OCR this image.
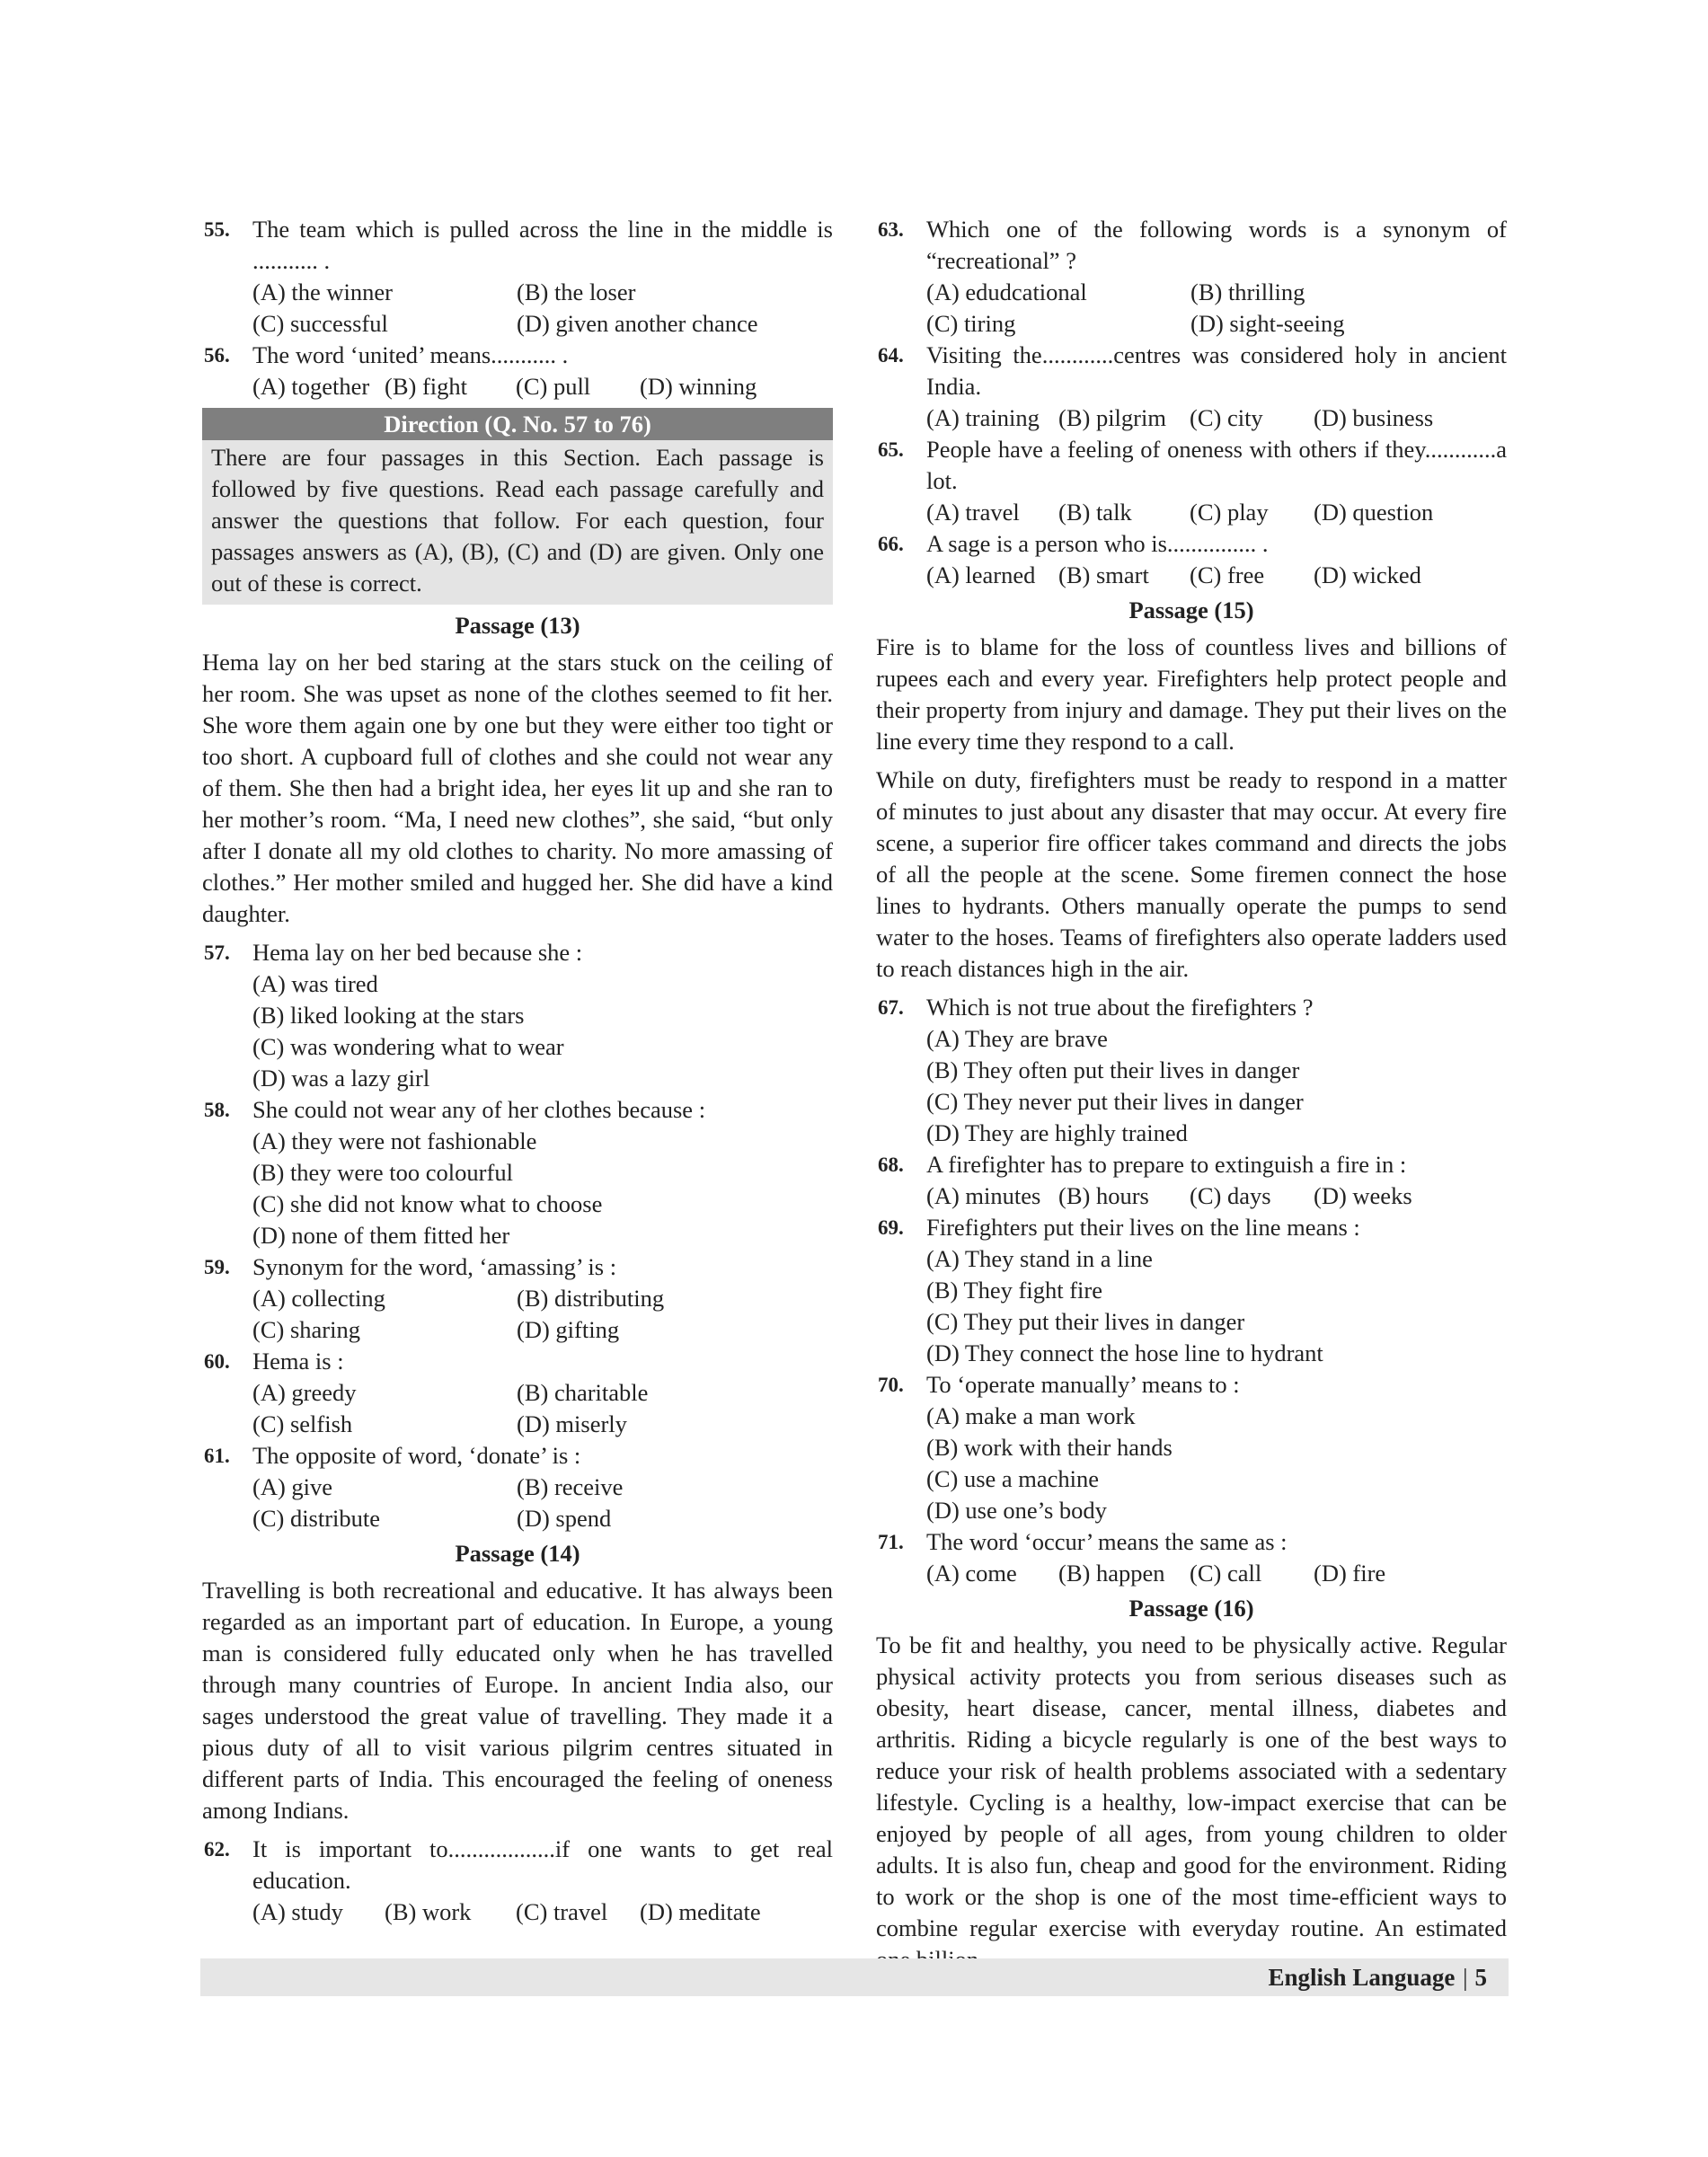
55. The team which is pulled across the line in the middle is ........... .
(A) the winner	(B) the loser
(C) successful	(D) given another chance
56. The word ‘united’ means........... .
(A) together (B) fight	(C) pull	(D) winning
Direction (Q. No. 57 to 76)
There are four passages in this Section. Each passage is followed by five questions. Read each passage carefully and answer the questions that follow. For each question, four passages answers as (A), (B), (C) and (D) are given. Only one out of these is correct.
Passage (13)
Hema lay on her bed staring at the stars stuck on the ceiling of her room. She was upset as none of the clothes seemed to fit her. She wore them again one by one but they were either too tight or too short. A cupboard full of clothes and she could not wear any of them. She then had a bright idea, her eyes lit up and she ran to her mother’s room. “Ma, I need new clothes”, she said, “but only after I donate all my old clothes to charity. No more amassing of clothes.” Her mother smiled and hugged her. She did have a kind daughter.
57. Hema lay on her bed because she :
(A) was tired
(B) liked looking at the stars
(C) was wondering what to wear
(D) was a lazy girl
58. She could not wear any of her clothes because :
(A) they were not fashionable
(B) they were too colourful
(C) she did not know what to choose
(D) none of them fitted her
59. Synonym for the word, ‘amassing’ is :
(A) collecting	(B) distributing
(C) sharing	(D) gifting
60. Hema is :
(A) greedy	(B) charitable
(C) selfish	(D) miserly
61. The opposite of word, ‘donate’ is :
(A) give	(B) receive
(C) distribute	(D) spend
Passage (14)
Travelling is both recreational and educative. It has always been regarded as an important part of education. In Europe, a young man is considered fully educated only when he has travelled through many countries of Europe. In ancient India also, our sages understood the great value of travelling. They made it a pious duty of all to visit various pilgrim centres situated in different parts of India. This encouraged the feeling of oneness among Indians.
62. It is important to..................if one wants to get real education.
(A) study	(B) work	(C) travel	(D) meditate
63. Which one of the following words is a synonym of “recreational” ?
(A) edudcational	(B) thrilling
(C) tiring	(D) sight-seeing
64. Visiting the............centres was considered holy in ancient India.
(A) training (B) pilgrim (C) city	(D) business
65. People have a feeling of oneness with others if they............a lot.
(A) travel	(B) talk	(C) play	(D) question
66. A sage is a person who is............... .
(A) learned (B) smart	(C) free	(D) wicked
Passage (15)
Fire is to blame for the loss of countless lives and billions of rupees each and every year. Firefighters help protect people and their property from injury and damage. They put their lives on the line every time they respond to a call.
While on duty, firefighters must be ready to respond in a matter of minutes to just about any disaster that may occur. At every fire scene, a superior fire officer takes command and directs the jobs of all the people at the scene. Some firemen connect the hose lines to hydrants. Others manually operate the pumps to send water to the hoses. Teams of firefighters also operate ladders used to reach distances high in the air.
67. Which is not true about the firefighters ?
(A) They are brave
(B) They often put their lives in danger
(C) They never put their lives in danger
(D) They are highly trained
68. A firefighter has to prepare to extinguish a fire in :
(A) minutes (B) hours	(C) days	(D) weeks
69. Firefighters put their lives on the line means :
(A) They stand in a line
(B) They fight fire
(C) They put their lives in danger
(D) They connect the hose line to hydrant
70. To ‘operate manually’ means to :
(A) make a man work
(B) work with their hands
(C) use a machine
(D) use one’s body
71. The word ‘occur’ means the same as :
(A) come	(B) happen	(C) call	(D) fire
Passage (16)
To be fit and healthy, you need to be physically active. Regular physical activity protects you from serious diseases such as obesity, heart disease, cancer, mental illness, diabetes and arthritis. Riding a bicycle regularly is one of the best ways to reduce your risk of health problems associated with a sedentary lifestyle. Cycling is a healthy, low-impact exercise that can be enjoyed by people of all ages, from young children to older adults. It is also fun, cheap and good for the environment. Riding to work or the shop is one of the most time-efficient ways to combine regular exercise with everyday routine. An estimated
English Language | 5
